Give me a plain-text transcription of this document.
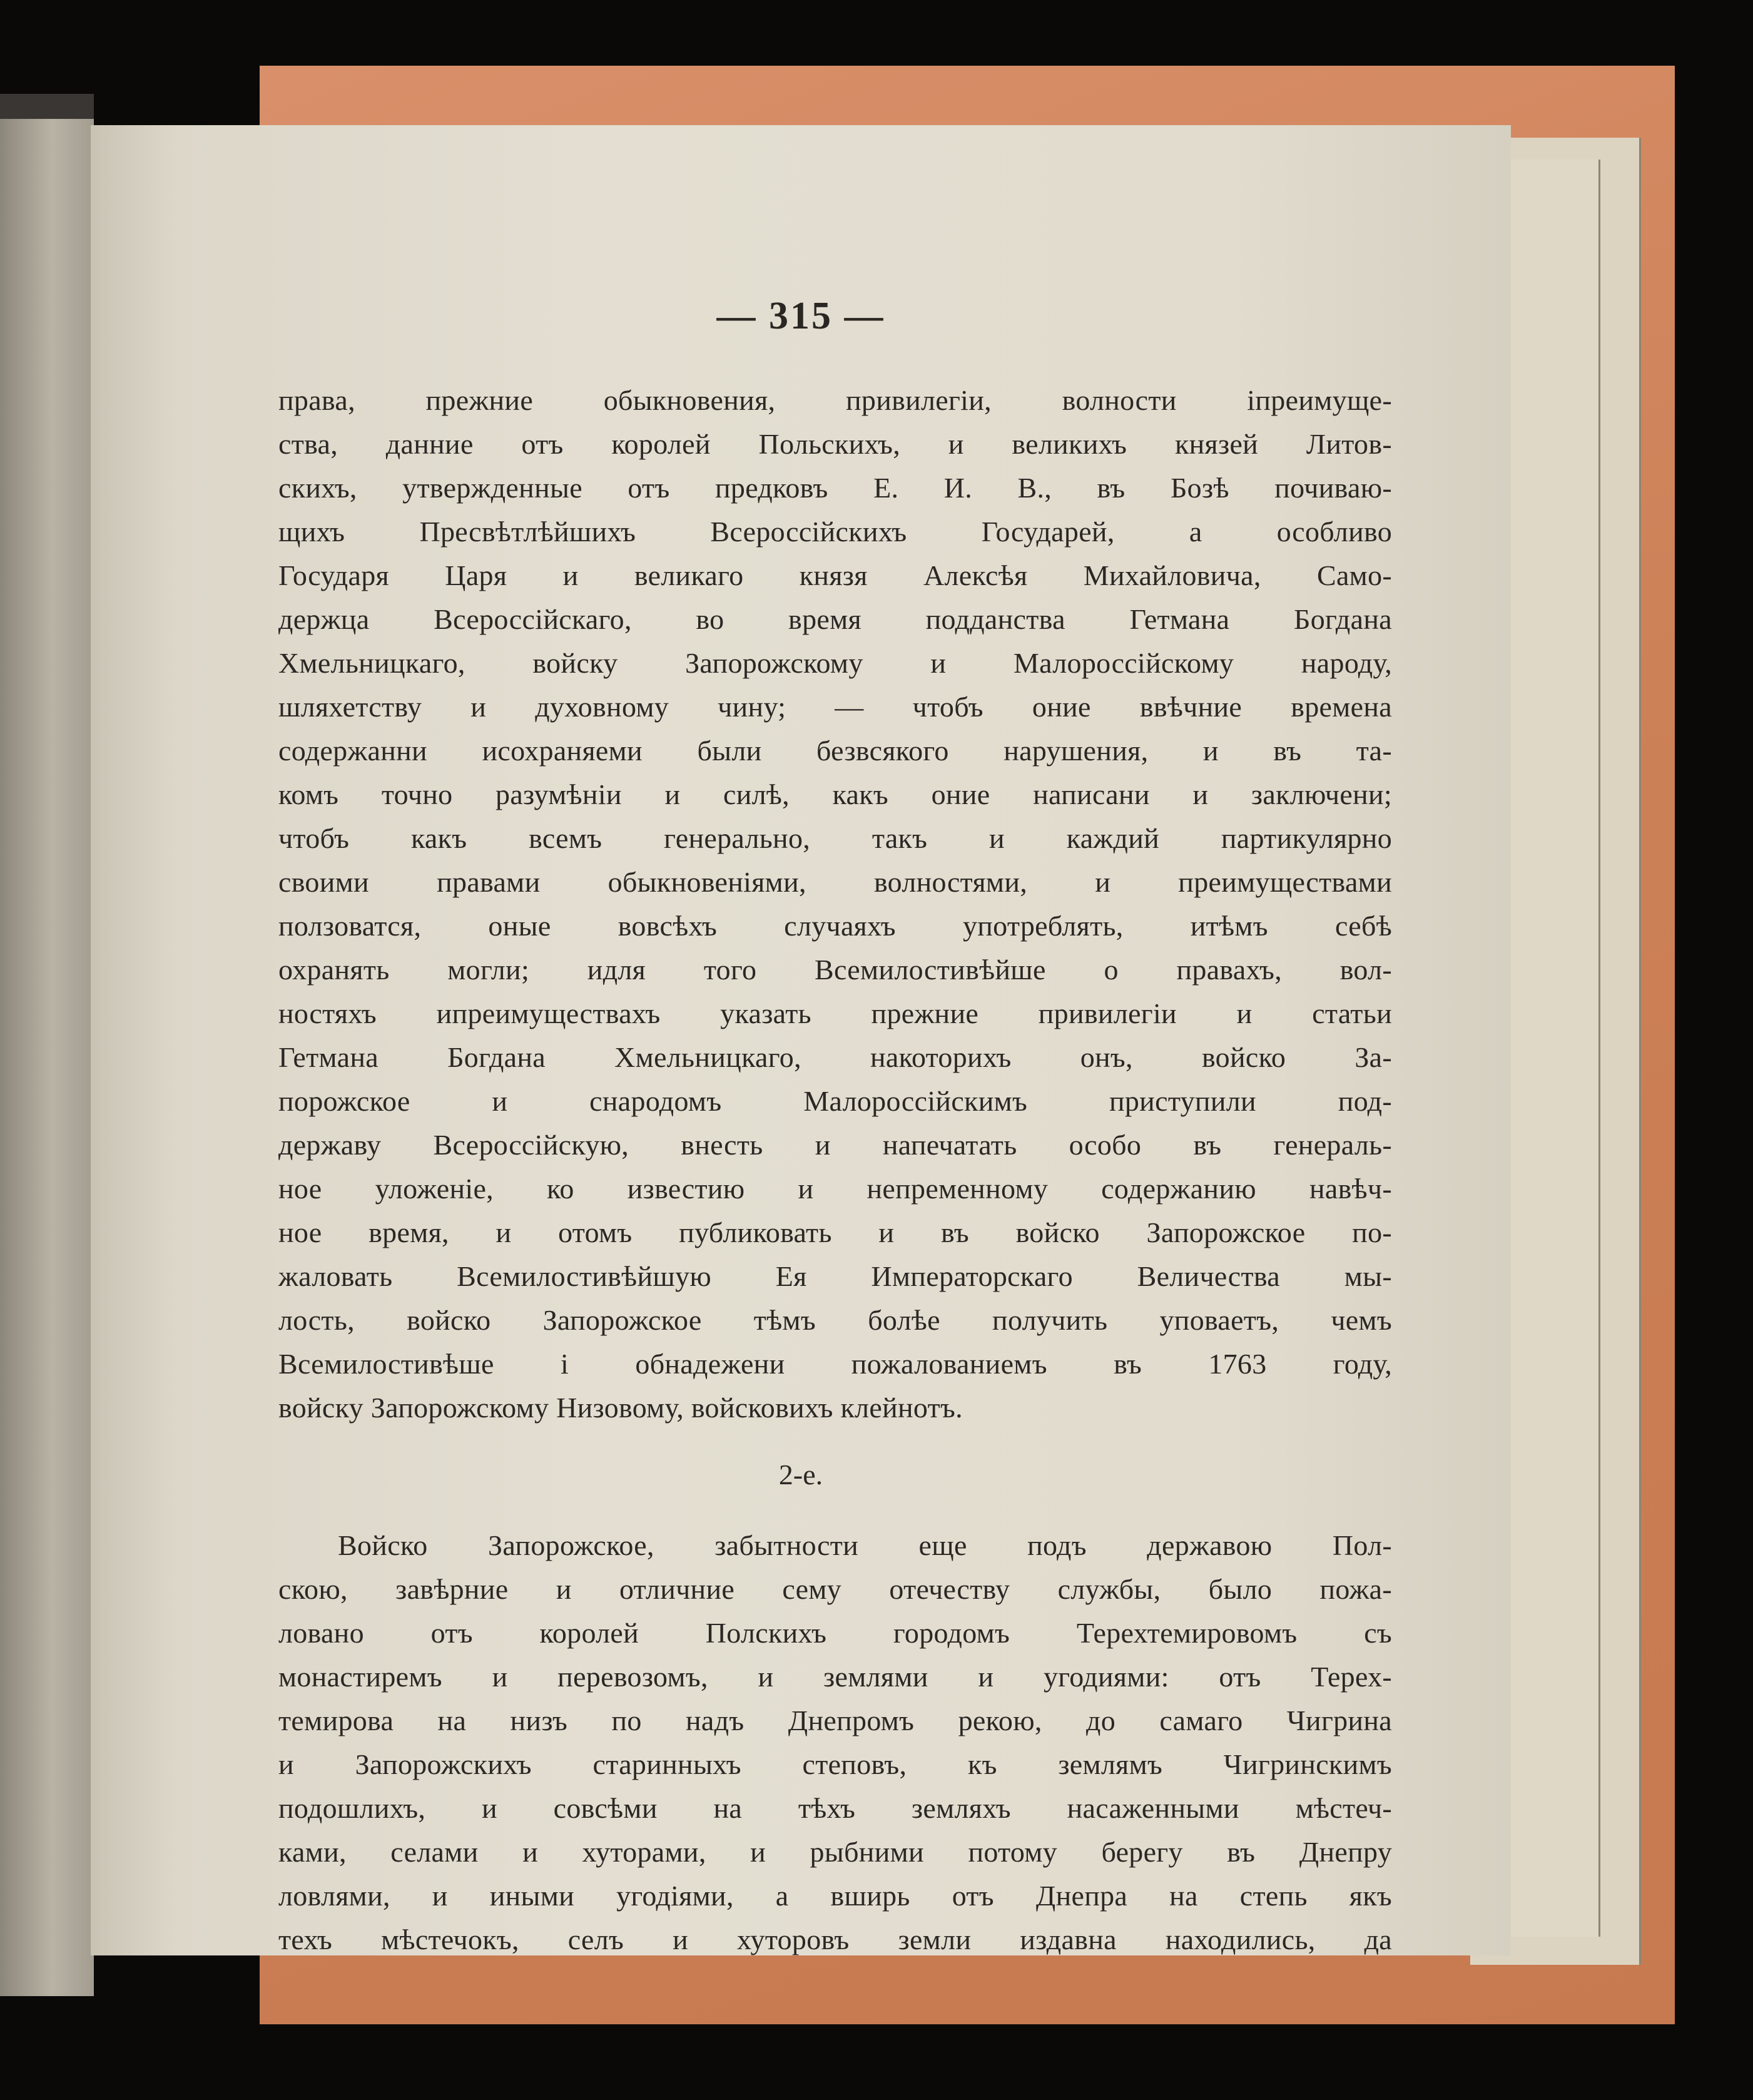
— 315 —

права, прежние обыкновения, привилегіи, волности іпреимуще-

ства, данние отъ королей Польскихъ, и великихъ князей Литов-

скихъ, утвержденные отъ предковъ Е. И. В., въ Бозѣ почиваю-

щихъ Пресвѣтлѣйшихъ Всероссійскихъ Государей, а особливо

Государя Царя и великаго князя Алексѣя Михайловича, Само-

держца Всероссійскаго, во время подданства Гетмана Богдана

Хмельницкаго, войску Запорожскому и Малороссійскому народу,

шляхетству и духовному чину; — чтобъ оние ввѣчние времена

содержанни исохраняеми были безвсякого нарушения, и въ та-

комъ точно разумѣніи и силѣ, какъ оние написани и заключени;

чтобъ какъ всемъ генерально, такъ и каждий партикулярно

своими правами обыкновеніями, волностями, и преимуществами

ползоватся, оные вовсѣхъ случаяхъ употреблять, итѣмъ себѣ

охранять могли; идля того Всемилостивѣйше о правахъ, вол-

ностяхъ ипреимуществахъ указать прежние привилегіи и статьи

Гетмана Богдана Хмельницкаго, накоторихъ онъ, войско За-

порожское и снародомъ Малороссійскимъ приступили под-

державу Всероссійскую, внесть и напечатать особо въ генераль-

ное уложеніе, ко известию и непременному содержанию навѣч-

ное время, и отомъ публиковать и въ войско Запорожское по-

жаловать Всемилостивѣйшую Ея Императорскаго Величества мы-

лость, войско Запорожское тѣмъ болѣе получить уповаетъ, чемъ

Всемилостивѣше і обнадежени пожалованиемъ въ 1763 году,

войску Запорожскому Низовому, войсковихъ клейнотъ.

2-е.

Войско Запорожское, забытности еще подъ державою Пол-

скою, завѣрние и отличние сему отечеству службы, было пожа-

ловано отъ королей Полскихъ городомъ Терехтемировомъ съ

монастиремъ и перевозомъ, и землями и угодиями: отъ Терех-

темирова на низъ по надъ Днепромъ рекою, до самаго Чигрина

и Запорожскихъ старинныхъ степовъ, къ землямъ Чигринскимъ

подошлихъ, и совсѣми на тѣхъ земляхъ насаженными мѣстеч-

ками, селами и хуторами, и рыбними потому берегу въ Днепру

ловлями, и иными угодіями, а вширь отъ Днепра на степь якъ

техъ мѣстечокъ, селъ и хуторовъ земли издавна находились, да
